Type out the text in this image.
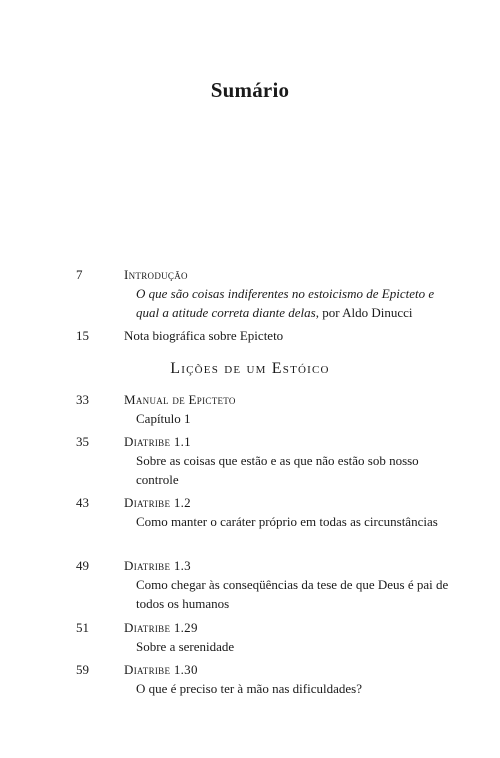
Sumário
7	Introdução
O que são coisas indiferentes no estoicismo de Epicteto e qual a atitude correta diante delas, por Aldo Dinucci
15	Nota biográfica sobre Epicteto
Lições de um Estóico
33	Manual de Epicteto
Capítulo 1
35	Diatribe 1.1
Sobre as coisas que estão e as que não estão sob nosso controle
43	Diatribe 1.2
Como manter o caráter próprio em todas as circunstâncias
49	Diatribe 1.3
Como chegar às conseqüências da tese de que Deus é pai de todos os humanos
51	Diatribe 1.29
Sobre a serenidade
59	Diatribe 1.30
O que é preciso ter à mão nas dificuldades?
